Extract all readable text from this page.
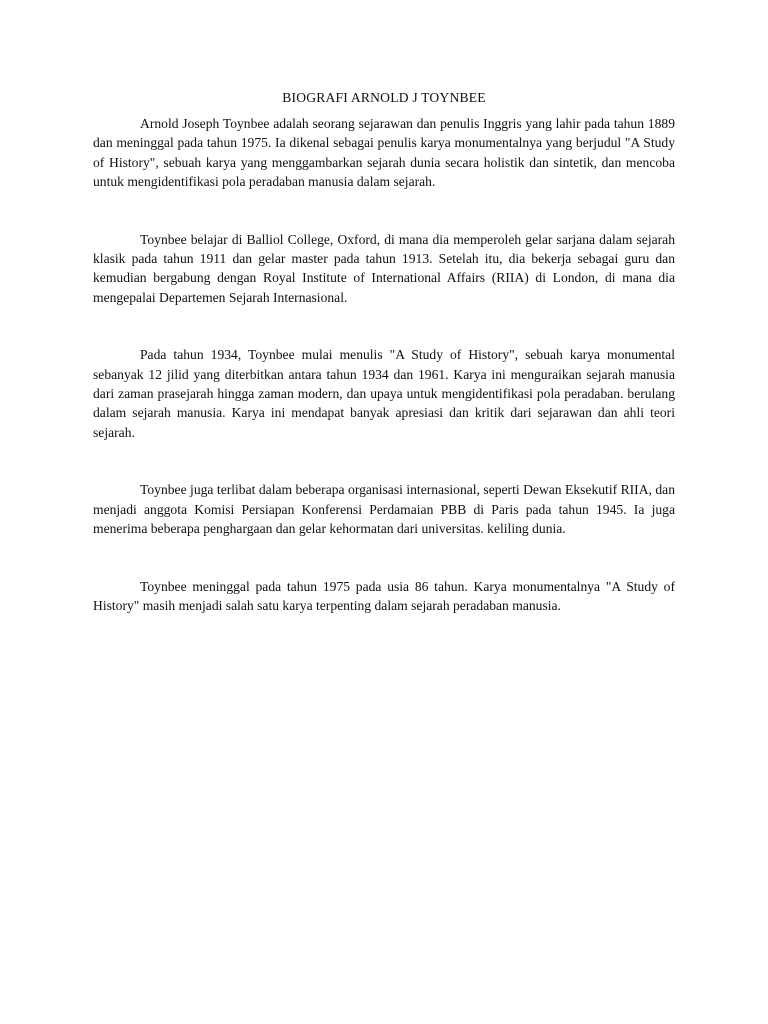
BIOGRAFI ARNOLD J TOYNBEE

Arnold Joseph Toynbee adalah seorang sejarawan dan penulis Inggris yang lahir pada tahun 1889 dan meninggal pada tahun 1975. Ia dikenal sebagai penulis karya monumentalnya yang berjudul "A Study of History", sebuah karya yang menggambarkan sejarah dunia secara holistik dan sintetik, dan mencoba untuk mengidentifikasi pola peradaban manusia dalam sejarah.

Toynbee belajar di Balliol College, Oxford, di mana dia memperoleh gelar sarjana dalam sejarah klasik pada tahun 1911 dan gelar master pada tahun 1913. Setelah itu, dia bekerja sebagai guru dan kemudian bergabung dengan Royal Institute of International Affairs (RIIA) di London, di mana dia mengepalai Departemen Sejarah Internasional.

Pada tahun 1934, Toynbee mulai menulis "A Study of History", sebuah karya monumental sebanyak 12 jilid yang diterbitkan antara tahun 1934 dan 1961. Karya ini menguraikan sejarah manusia dari zaman prasejarah hingga zaman modern, dan upaya untuk mengidentifikasi pola peradaban. berulang dalam sejarah manusia. Karya ini mendapat banyak apresiasi dan kritik dari sejarawan dan ahli teori sejarah.

Toynbee juga terlibat dalam beberapa organisasi internasional, seperti Dewan Eksekutif RIIA, dan menjadi anggota Komisi Persiapan Konferensi Perdamaian PBB di Paris pada tahun 1945. Ia juga menerima beberapa penghargaan dan gelar kehormatan dari universitas. keliling dunia.

Toynbee meninggal pada tahun 1975 pada usia 86 tahun. Karya monumentalnya "A Study of History" masih menjadi salah satu karya terpenting dalam sejarah peradaban manusia.
